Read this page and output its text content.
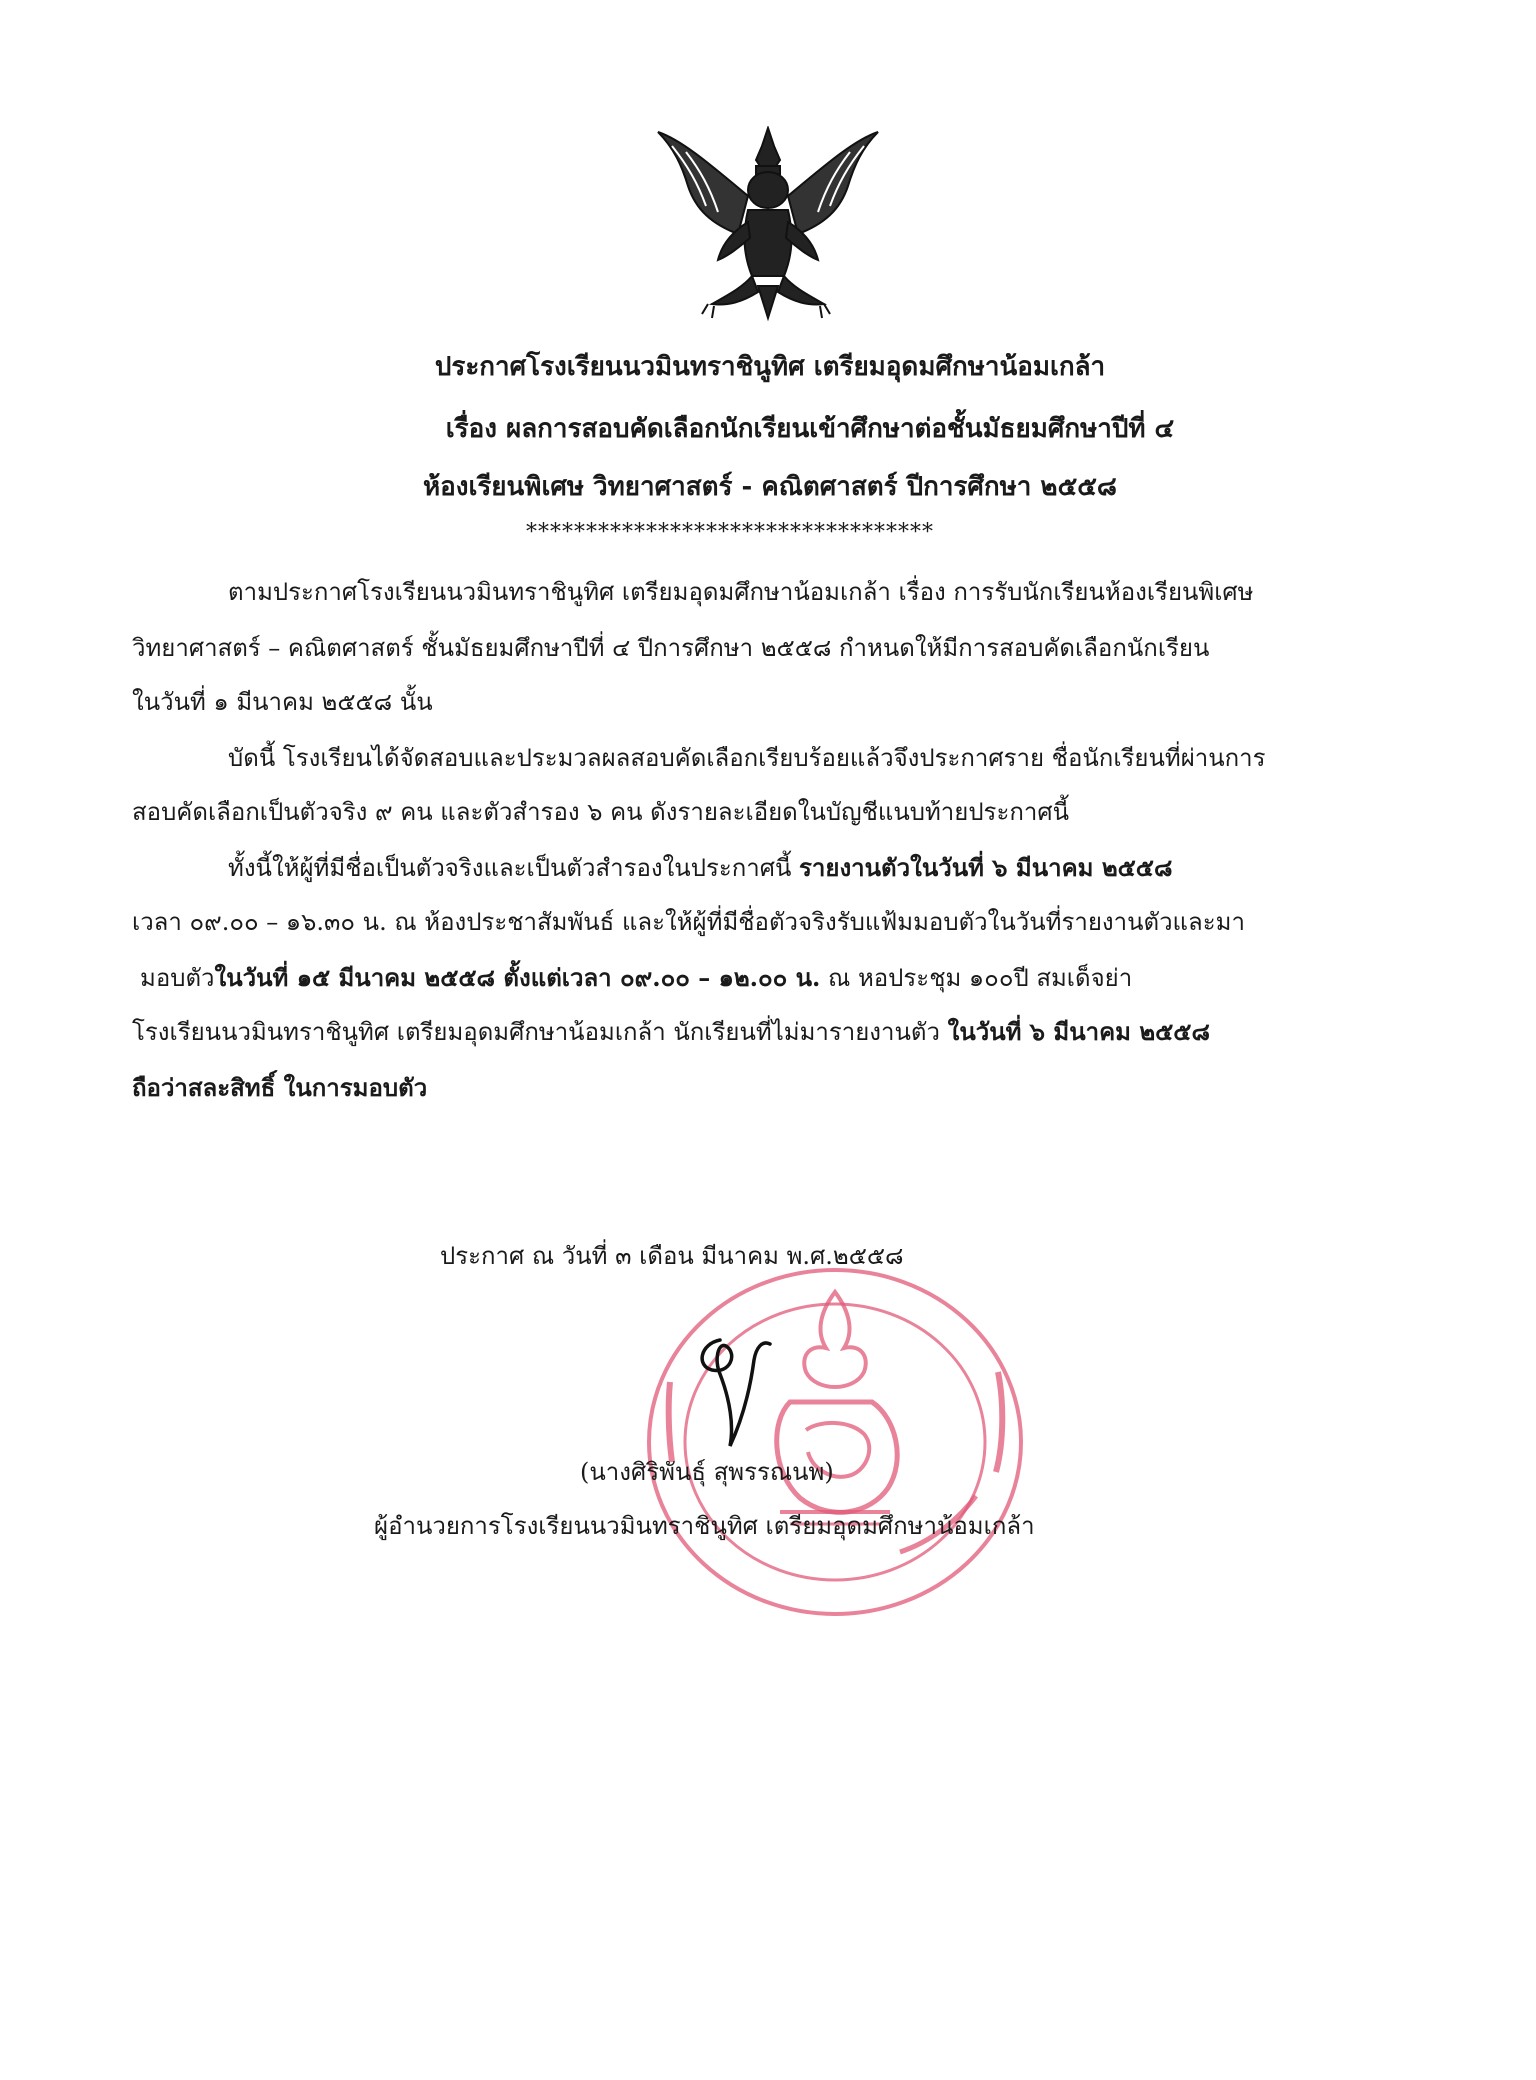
ประกาศโรงเรียนนวมินทราชินูทิศ เตรียมอุดมศึกษาน้อมเกล้า
เรื่อง ผลการสอบคัดเลือกนักเรียนเข้าศึกษาต่อชั้นมัธยมศึกษาปีที่ ๔
ห้องเรียนพิเศษ วิทยาศาสตร์ - คณิตศาสตร์ ปีการศึกษา ๒๕๕๘
**********************************
ตามประกาศโรงเรียนนวมินทราชินูทิศ เตรียมอุดมศึกษาน้อมเกล้า เรื่อง การรับนักเรียนห้องเรียนพิเศษ
วิทยาศาสตร์ – คณิตศาสตร์ ชั้นมัธยมศึกษาปีที่ ๔ ปีการศึกษา ๒๕๕๘ กำหนดให้มีการสอบคัดเลือกนักเรียน
ในวันที่ ๑ มีนาคม ๒๕๕๘ นั้น
บัดนี้ โรงเรียนได้จัดสอบและประมวลผลสอบคัดเลือกเรียบร้อยแล้วจึงประกาศราย ชื่อนักเรียนที่ผ่านการ
สอบคัดเลือกเป็นตัวจริง ๙ คน และตัวสำรอง ๖ คน ดังรายละเอียดในบัญชีแนบท้ายประกาศนี้
ทั้งนี้ให้ผู้ที่มีชื่อเป็นตัวจริงและเป็นตัวสำรองในประกาศนี้ รายงานตัวในวันที่ ๖ มีนาคม ๒๕๕๘
เวลา ๐๙.๐๐ – ๑๖.๓๐ น. ณ ห้องประชาสัมพันธ์ และให้ผู้ที่มีชื่อตัวจริงรับแฟ้มมอบตัวในวันที่รายงานตัวและมา
มอบตัวในวันที่ ๑๕ มีนาคม ๒๕๕๘ ตั้งแต่เวลา ๐๙.๐๐ – ๑๒.๐๐ น. ณ หอประชุม ๑๐๐ปี สมเด็จย่า
โรงเรียนนวมินทราชินูทิศ เตรียมอุดมศึกษาน้อมเกล้า นักเรียนที่ไม่มารายงานตัว ในวันที่ ๖ มีนาคม ๒๕๕๘
ถือว่าสละสิทธิ์ ในการมอบตัว
ประกาศ ณ วันที่ ๓ เดือน มีนาคม พ.ศ.๒๕๕๘
(นางศิริพันธุ์ สุพรรณนพ)
ผู้อำนวยการโรงเรียนนวมินทราชินูทิศ เตรียมอุดมศึกษาน้อมเกล้า
